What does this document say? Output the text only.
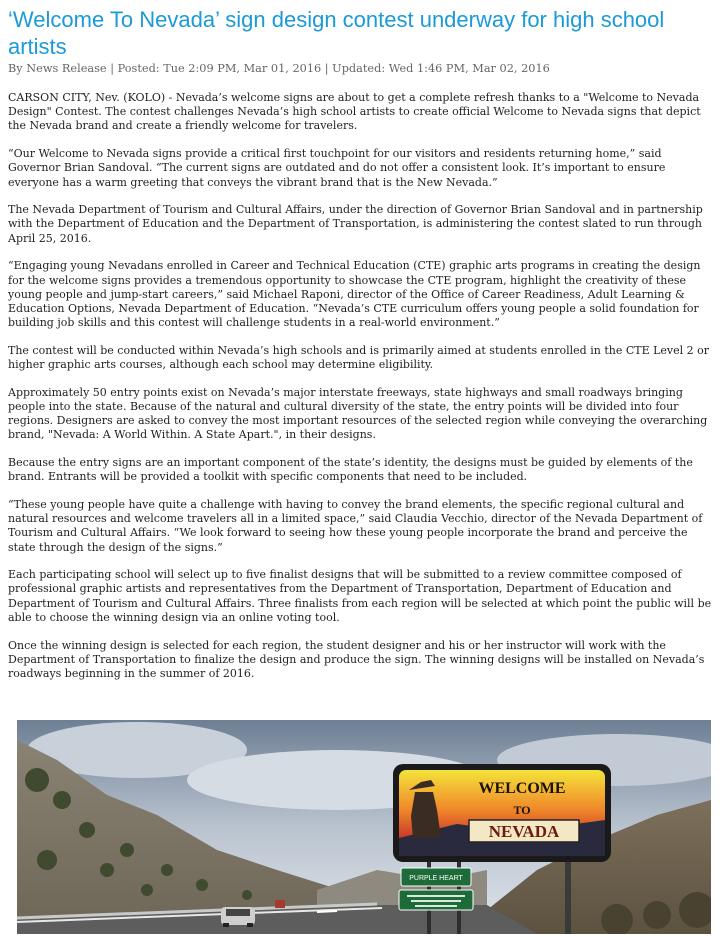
‘Welcome To Nevada’ sign design contest underway for high school artists
By News Release | Posted: Tue 2:09 PM, Mar 01, 2016 | Updated: Wed 1:46 PM, Mar 02, 2016

CARSON CITY, Nev. (KOLO) - Nevada’s welcome signs are about to get a complete refresh thanks to a "Welcome to Nevada Design" Contest. The contest challenges Nevada’s high school artists to create official Welcome to Nevada signs that depict the Nevada brand and create a friendly welcome for travelers.

“Our Welcome to Nevada signs provide a critical first touchpoint for our visitors and residents returning home,” said Governor Brian Sandoval. “The current signs are outdated and do not offer a consistent look. It’s important to ensure everyone has a warm greeting that conveys the vibrant brand that is the New Nevada.”

The Nevada Department of Tourism and Cultural Affairs, under the direction of Governor Brian Sandoval and in partnership with the Department of Education and the Department of Transportation, is administering the contest slated to run through April 25, 2016.

“Engaging young Nevadans enrolled in Career and Technical Education (CTE) graphic arts programs in creating the design for the welcome signs provides a tremendous opportunity to showcase the CTE program, highlight the creativity of these young people and jump-start careers,” said Michael Raponi, director of the Office of Career Readiness, Adult Learning & Education Options, Nevada Department of Education. “Nevada’s CTE curriculum offers young people a solid foundation for building job skills and this contest will challenge students in a real-world environment.”

The contest will be conducted within Nevada’s high schools and is primarily aimed at students enrolled in the CTE Level 2 or higher graphic arts courses, although each school may determine eligibility.

Approximately 50 entry points exist on Nevada’s major interstate freeways, state highways and small roadways bringing people into the state. Because of the natural and cultural diversity of the state, the entry points will be divided into four regions. Designers are asked to convey the most important resources of the selected region while conveying the overarching brand, "Nevada: A World Within. A State Apart.", in their designs.

Because the entry signs are an important component of the state’s identity, the designs must be guided by elements of the brand. Entrants will be provided a toolkit with specific components that need to be included.

“These young people have quite a challenge with having to convey the brand elements, the specific regional cultural and natural resources and welcome travelers all in a limited space,” said Claudia Vecchio, director of the Nevada Department of Tourism and Cultural Affairs. “We look forward to seeing how these young people incorporate the brand and perceive the state through the design of the signs.”

Each participating school will select up to five finalist designs that will be submitted to a review committee composed of professional graphic artists and representatives from the Department of Transportation, Department of Education and Department of Tourism and Cultural Affairs. Three finalists from each region will be selected at which point the public will be able to choose the winning design via an online voting tool.

Once the winning design is selected for each region, the student designer and his or her instructor will work with the Department of Transportation to finalize the design and produce the sign. The winning designs will be installed on Nevada’s roadways beginning in the summer of 2016.

WELCOME
TO
NEVADA
PURPLE HEART
